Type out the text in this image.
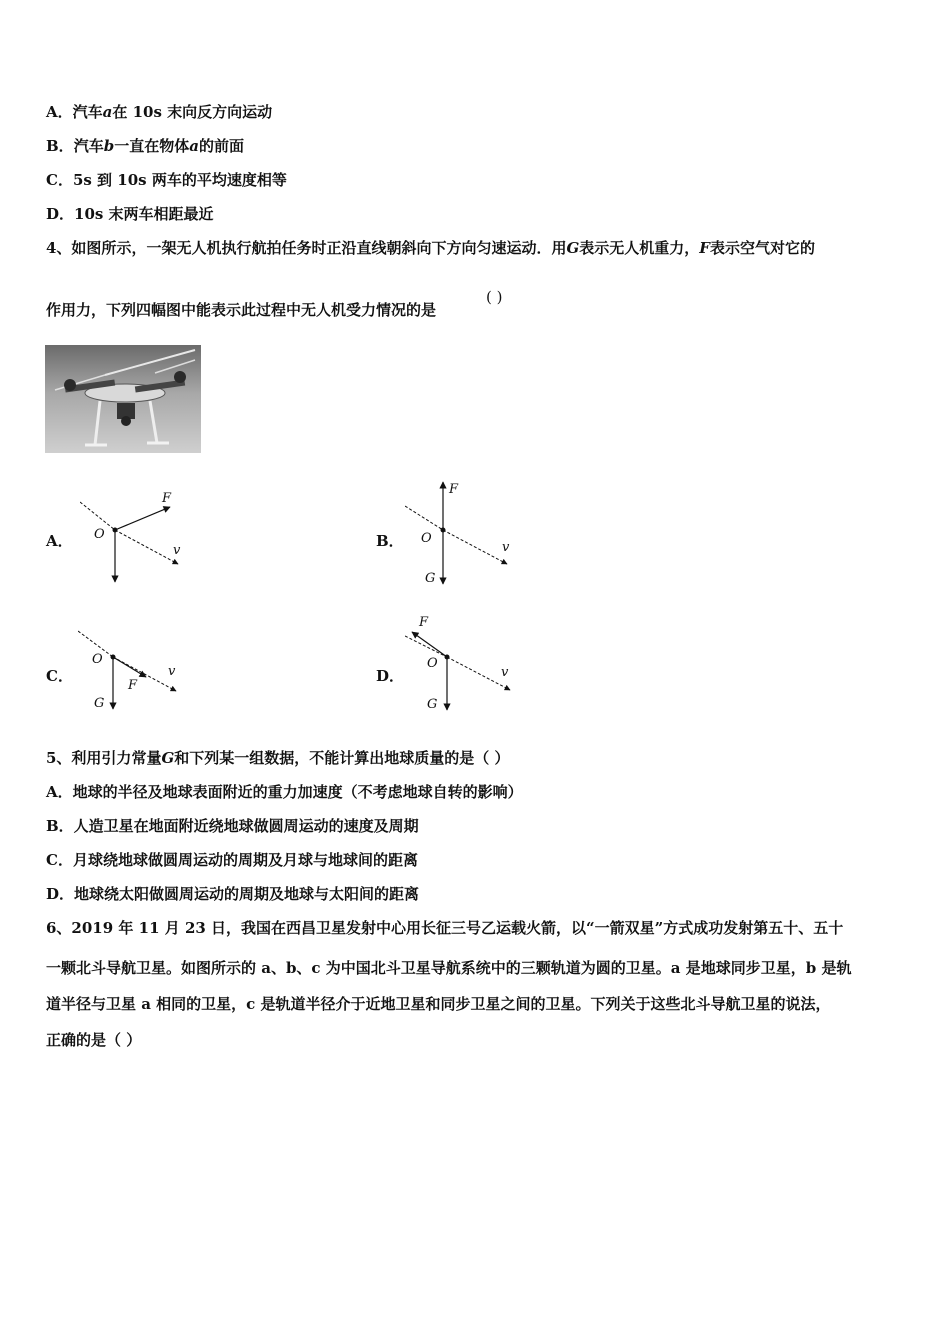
A．汽车a在 10s 末向反方向运动
B．汽车b一直在物体a的前面
C．5s 到 10s 两车的平均速度相等
D．10s 末两车相距最近
4、如图所示，一架无人机执行航拍任务时正沿直线朝斜向下方向匀速运动．用G表示无人机重力，F表示空气对它的
作用力，下列四幅图中能表示此过程中无人机受力情况的是
( )
A．
F
O
v
B．
F
O
v
G
C．
O
F
v
G
D．
F
O
v
G
5、利用引力常量G和下列某一组数据，不能计算出地球质量的是（ ）
A．地球的半径及地球表面附近的重力加速度（不考虑地球自转的影响）
B．人造卫星在地面附近绕地球做圆周运动的速度及周期
C．月球绕地球做圆周运动的周期及月球与地球间的距离
D．地球绕太阳做圆周运动的周期及地球与太阳间的距离
6、2019 年 11 月 23 日，我国在西昌卫星发射中心用长征三号乙运载火箭，以“一箭双星”方式成功发射第五十、五十
一颗北斗导航卫星。如图所示的 a、b、c 为中国北斗卫星导航系统中的三颗轨道为圆的卫星。a 是地球同步卫星，b 是轨
道半径与卫星 a 相同的卫星，c 是轨道半径介于近地卫星和同步卫星之间的卫星。下列关于这些北斗导航卫星的说法，
正确的是（ ）
